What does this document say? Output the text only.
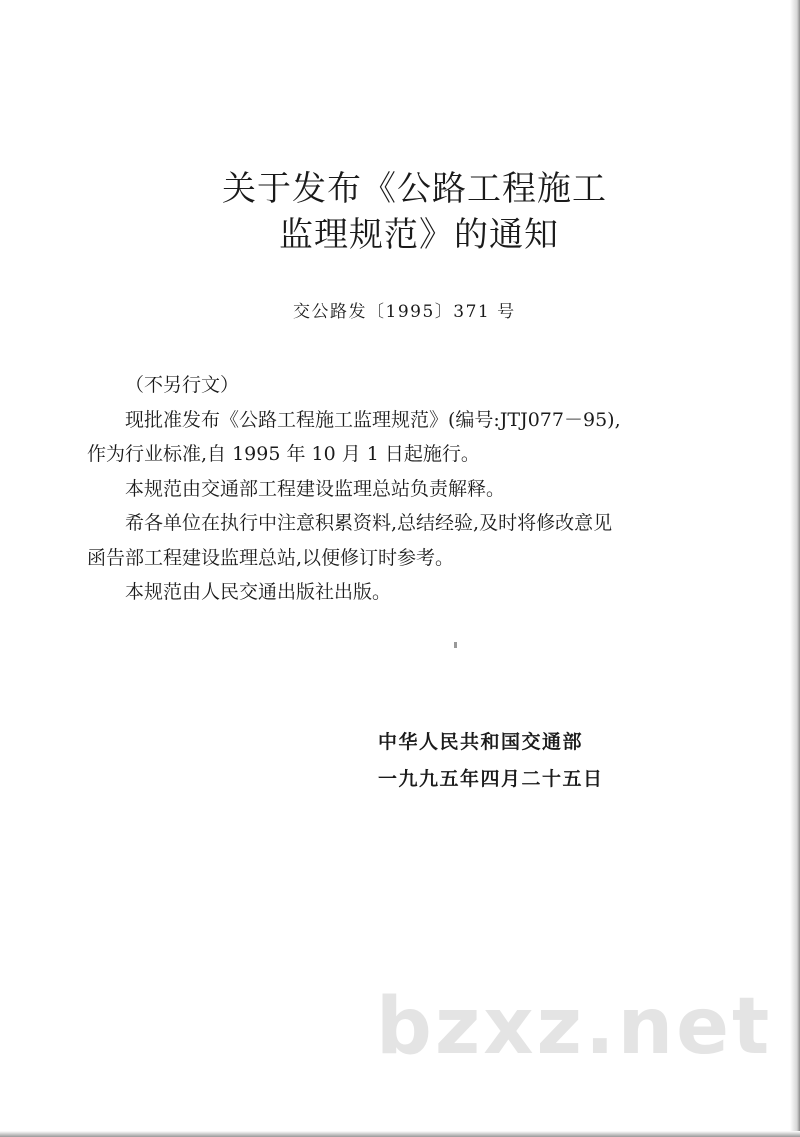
关于发布《公路工程施工
监理规范》的通知
交公路发〔1995〕371 号

（不另行文）

现批准发布《公路工程施工监理规范》(编号:JTJ077－95),

作为行业标准,自 1995 年 10 月 1 日起施行。

本规范由交通部工程建设监理总站负责解释。

希各单位在执行中注意积累资料,总结经验,及时将修改意见

函告部工程建设监理总站,以便修订时参考。

本规范由人民交通出版社出版。

中华人民共和国交通部
一九九五年四月二十五日
bzxz.net
